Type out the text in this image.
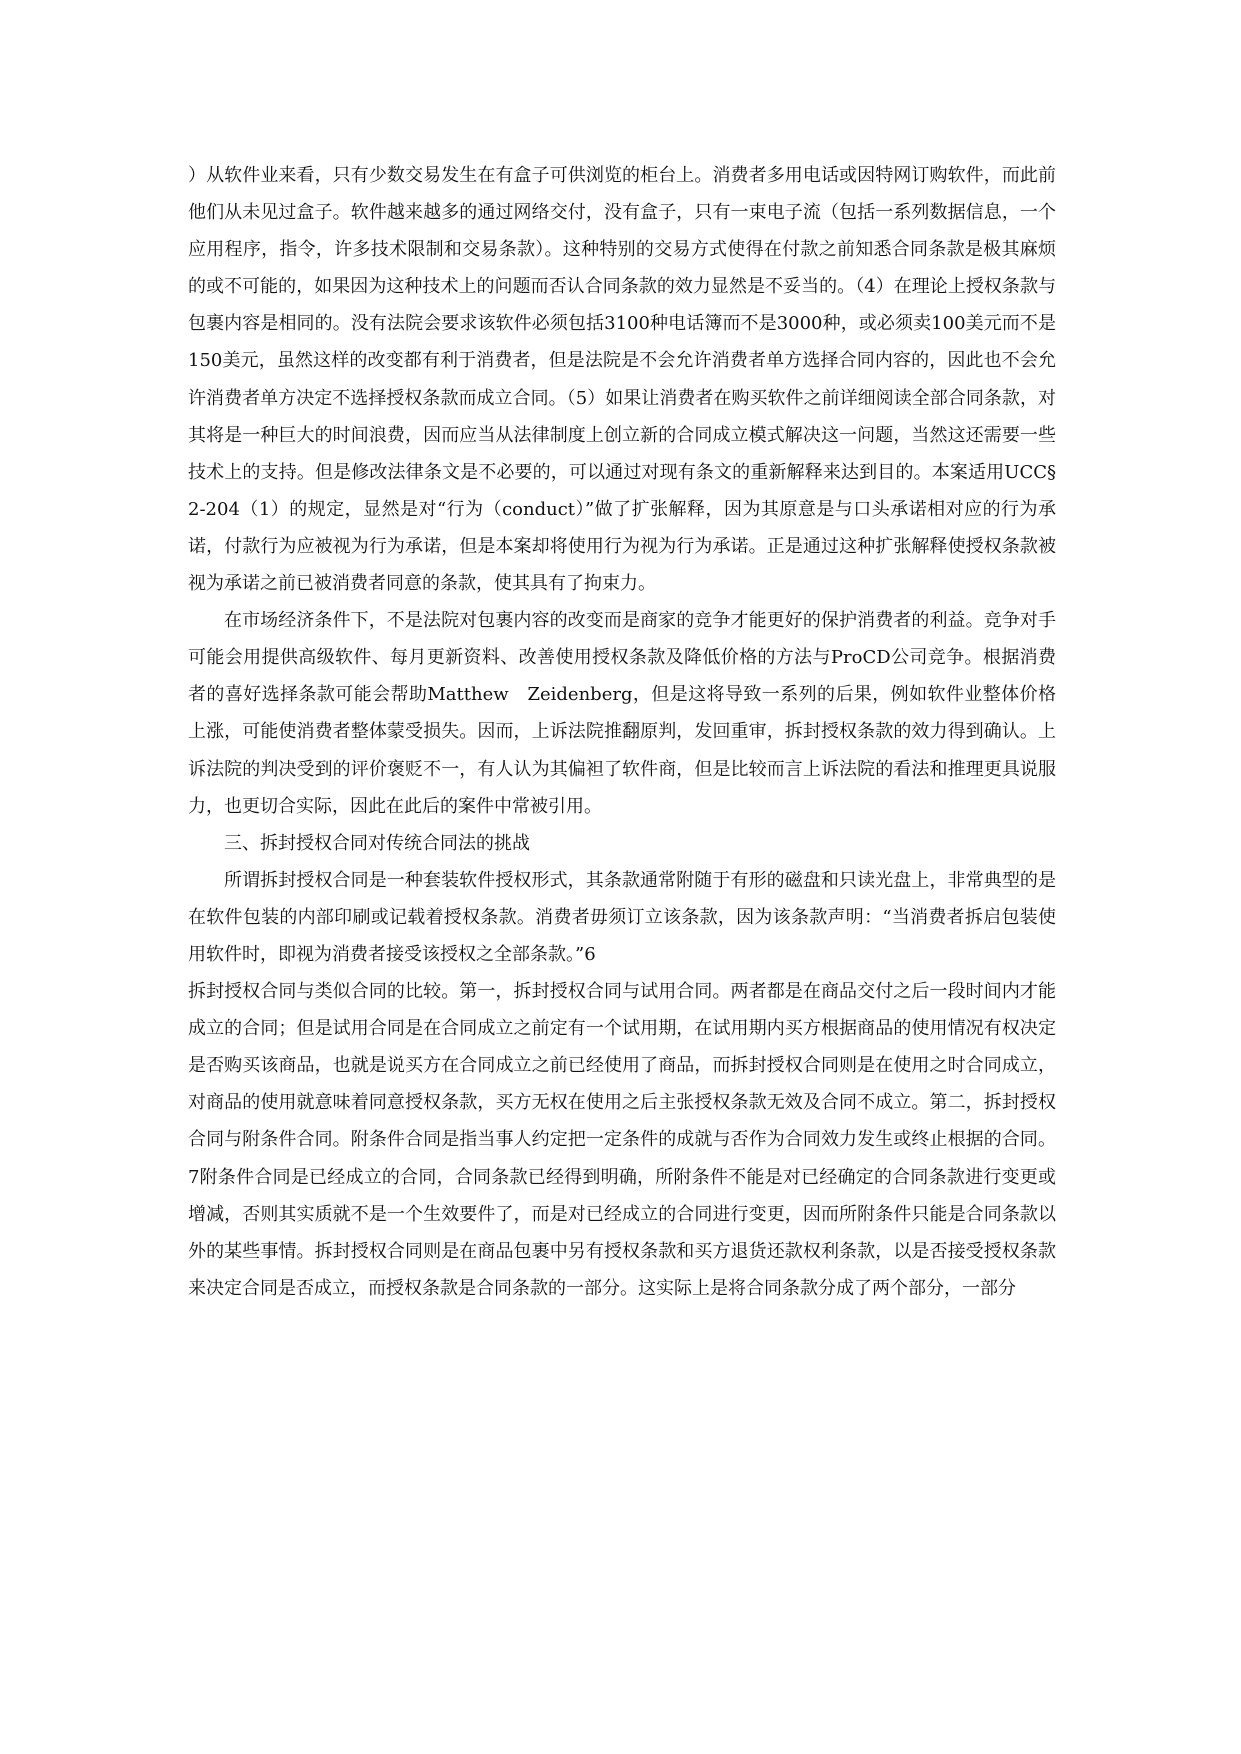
）从软件业来看，只有少数交易发生在有盒子可供浏览的柜台上。消费者多用电话或因特网订购软件，而此前他们从未见过盒子。软件越来越多的通过网络交付，没有盒子，只有一束电子流（包括一系列数据信息，一个应用程序，指令，许多技术限制和交易条款）。这种特别的交易方式使得在付款之前知悉合同条款是极其麻烦的或不可能的，如果因为这种技术上的问题而否认合同条款的效力显然是不妥当的。（4）在理论上授权条款与包裹内容是相同的。没有法院会要求该软件必须包括3100种电话簿而不是3000种，或必须卖100美元而不是150美元，虽然这样的改变都有利于消费者，但是法院是不会允许消费者单方选择合同内容的，因此也不会允许消费者单方决定不选择授权条款而成立合同。（5）如果让消费者在购买软件之前详细阅读全部合同条款，对其将是一种巨大的时间浪费，因而应当从法律制度上创立新的合同成立模式解决这一问题，当然这还需要一些技术上的支持。但是修改法律条文是不必要的，可以通过对现有条文的重新解释来达到目的。本案适用UCC§2-204（1）的规定，显然是对“行为（conduct）”做了扩张解释，因为其原意是与口头承诺相对应的行为承诺，付款行为应被视为行为承诺，但是本案却将使用行为视为行为承诺。正是通过这种扩张解释使授权条款被视为承诺之前已被消费者同意的条款，使其具有了拘束力。

在市场经济条件下，不是法院对包裹内容的改变而是商家的竞争才能更好的保护消费者的利益。竞争对手可能会用提供高级软件、每月更新资料、改善使用授权条款及降低价格的方法与ProCD公司竞争。根据消费者的喜好选择条款可能会帮助Matthew　Zeidenberg，但是这将导致一系列的后果，例如软件业整体价格上涨，可能使消费者整体蒙受损失。因而，上诉法院推翻原判，发回重审，拆封授权条款的效力得到确认。上诉法院的判决受到的评价褒贬不一，有人认为其偏袒了软件商，但是比较而言上诉法院的看法和推理更具说服力，也更切合实际，因此在此后的案件中常被引用。

三、拆封授权合同对传统合同法的挑战

所谓拆封授权合同是一种套装软件授权形式，其条款通常附随于有形的磁盘和只读光盘上，非常典型的是在软件包装的内部印刷或记载着授权条款。消费者毋须订立该条款，因为该条款声明：“当消费者拆启包装使用软件时，即视为消费者接受该授权之全部条款。”6

拆封授权合同与类似合同的比较。第一，拆封授权合同与试用合同。两者都是在商品交付之后一段时间内才能成立的合同；但是试用合同是在合同成立之前定有一个试用期，在试用期内买方根据商品的使用情况有权决定是否购买该商品，也就是说买方在合同成立之前已经使用了商品，而拆封授权合同则是在使用之时合同成立，对商品的使用就意味着同意授权条款，买方无权在使用之后主张授权条款无效及合同不成立。第二，拆封授权合同与附条件合同。附条件合同是指当事人约定把一定条件的成就与否作为合同效力发生或终止根据的合同。7附条件合同是已经成立的合同，合同条款已经得到明确，所附条件不能是对已经确定的合同条款进行变更或增减，否则其实质就不是一个生效要件了，而是对已经成立的合同进行变更，因而所附条件只能是合同条款以外的某些事情。拆封授权合同则是在商品包裹中另有授权条款和买方退货还款权利条款，以是否接受授权条款来决定合同是否成立，而授权条款是合同条款的一部分。这实际上是将合同条款分成了两个部分，一部分
